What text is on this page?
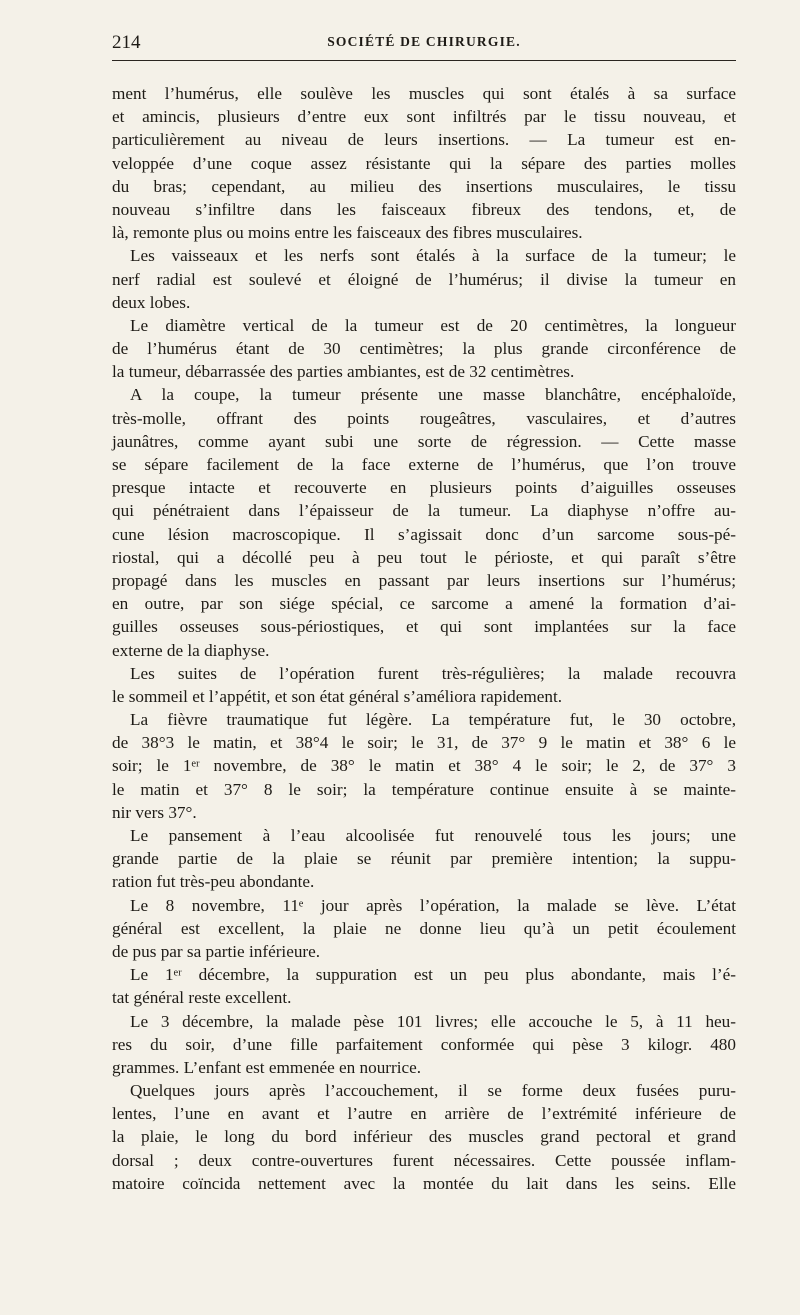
214	SOCIÉTÉ DE CHIRURGIE.
ment l’humérus, elle soulève les muscles qui sont étalés à sa surface
et amincis, plusieurs d’entre eux sont infiltrés par le tissu nouveau, et
particulièrement au niveau de leurs insertions. — La tumeur est en-
veloppée d’une coque assez résistante qui la sépare des parties molles
du bras; cependant, au milieu des insertions musculaires, le tissu
nouveau s’infiltre dans les faisceaux fibreux des tendons, et, de
là, remonte plus ou moins entre les faisceaux des fibres musculaires.
Les vaisseaux et les nerfs sont étalés à la surface de la tumeur; le
nerf radial est soulevé et éloigné de l’humérus; il divise la tumeur en
deux lobes.
Le diamètre vertical de la tumeur est de 20 centimètres, la longueur
de l’humérus étant de 30 centimètres; la plus grande circonférence de
la tumeur, débarrassée des parties ambiantes, est de 32 centimètres.
A la coupe, la tumeur présente une masse blanchâtre, encéphaloïde,
très-molle, offrant des points rougeâtres, vasculaires, et d’autres
jaunâtres, comme ayant subi une sorte de régression. — Cette masse
se sépare facilement de la face externe de l’humérus, que l’on trouve
presque intacte et recouverte en plusieurs points d’aiguilles osseuses
qui pénétraient dans l’épaisseur de la tumeur. La diaphyse n’offre au-
cune lésion macroscopique. Il s’agissait donc d’un sarcome sous-pé-
riostal, qui a décollé peu à peu tout le périoste, et qui paraît s’être
propagé dans les muscles en passant par leurs insertions sur l’humérus;
en outre, par son siége spécial, ce sarcome a amené la formation d’ai-
guilles osseuses sous-périostiques, et qui sont implantées sur la face
externe de la diaphyse.
Les suites de l’opération furent très-régulières; la malade recouvra
le sommeil et l’appétit, et son état général s’améliora rapidement.
La fièvre traumatique fut légère. La température fut, le 30 octobre,
de 38°3 le matin, et 38°4 le soir; le 31, de 37° 9 le matin et 38° 6 le
soir; le 1ᵉʳ novembre, de 38° le matin et 38° 4 le soir; le 2, de 37° 3
le matin et 37° 8 le soir; la température continue ensuite à se mainte-
nir vers 37°.
Le pansement à l’eau alcoolisée fut renouvelé tous les jours; une
grande partie de la plaie se réunit par première intention; la suppu-
ration fut très-peu abondante.
Le 8 novembre, 11ᵉ jour après l’opération, la malade se lève. L’état
général est excellent, la plaie ne donne lieu qu’à un petit écoulement
de pus par sa partie inférieure.
Le 1ᵉʳ décembre, la suppuration est un peu plus abondante, mais l’é-
tat général reste excellent.
Le 3 décembre, la malade pèse 101 livres; elle accouche le 5, à 11 heu-
res du soir, d’une fille parfaitement conformée qui pèse 3 kilogr. 480
grammes. L’enfant est emmenée en nourrice.
Quelques jours après l’accouchement, il se forme deux fusées puru-
lentes, l’une en avant et l’autre en arrière de l’extrémité inférieure de
la plaie, le long du bord inférieur des muscles grand pectoral et grand
dorsal ; deux contre-ouvertures furent nécessaires. Cette poussée inflam-
matoire coïncida nettement avec la montée du lait dans les seins. Elle
